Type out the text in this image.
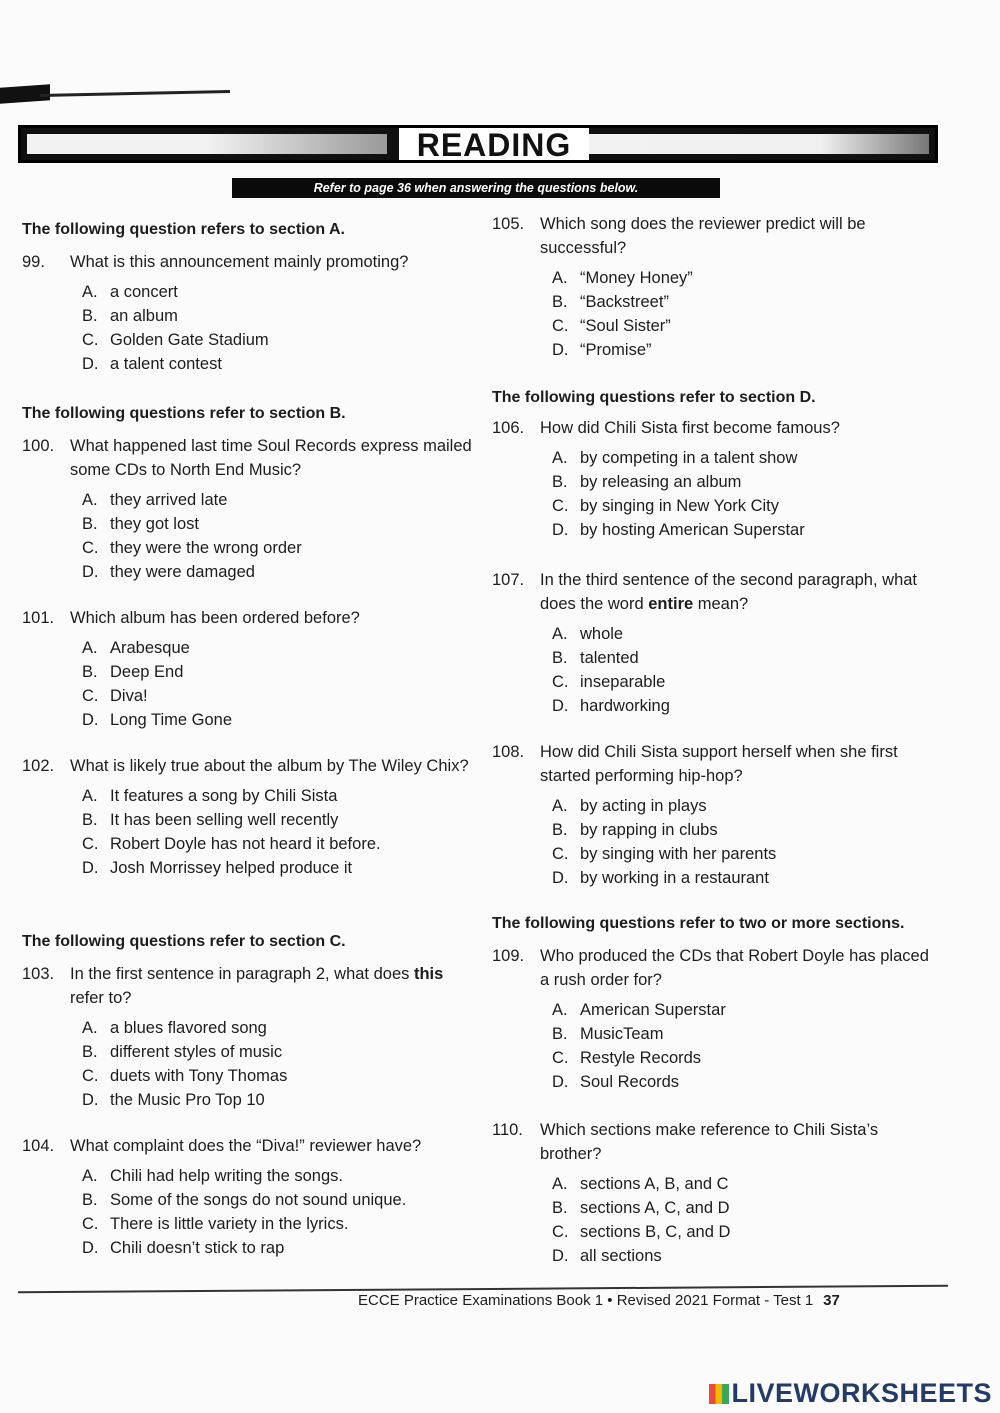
READING
Refer to page 36 when answering the questions below.

The following question refers to section A.

99. What is this announcement mainly promoting?
A. a concert
B. an album
C. Golden Gate Stadium
D. a talent contest

The following questions refer to section B.

100. What happened last time Soul Records express mailed some CDs to North End Music?
A. they arrived late
B. they got lost
C. they were the wrong order
D. they were damaged
101. Which album has been ordered before?
A. Arabesque
B. Deep End
C. Diva!
D. Long Time Gone
102. What is likely true about the album by The Wiley Chix?
A. It features a song by Chili Sista
B. It has been selling well recently
C. Robert Doyle has not heard it before.
D. Josh Morrissey helped produce it

The following questions refer to section C.

103. In the first sentence in paragraph 2, what does this refer to?
A. a blues flavored song
B. different styles of music
C. duets with Tony Thomas
D. the Music Pro Top 10
104. What complaint does the “Diva!” reviewer have?
A. Chili had help writing the songs.
B. Some of the songs do not sound unique.
C. There is little variety in the lyrics.
D. Chili doesn’t stick to rap
105. Which song does the reviewer predict will be successful?
A. “Money Honey”
B. “Backstreet”
C. “Soul Sister”
D. “Promise”

The following questions refer to section D.

106. How did Chili Sista first become famous?
A. by competing in a talent show
B. by releasing an album
C. by singing in New York City
D. by hosting American Superstar
107. In the third sentence of the second paragraph, what does the word entire mean?
A. whole
B. talented
C. inseparable
D. hardworking
108. How did Chili Sista support herself when she first started performing hip-hop?
A. by acting in plays
B. by rapping in clubs
C. by singing with her parents
D. by working in a restaurant

The following questions refer to two or more sections.

109. Who produced the CDs that Robert Doyle has placed a rush order for?
A. American Superstar
B. MusicTeam
C. Restyle Records
D. Soul Records
110. Which sections make reference to Chili Sista’s brother?
A. sections A, B, and C
B. sections A, C, and D
C. sections B, C, and D
D. all sections
ECCE Practice Examinations Book 1 • Revised 2021 Format - Test 1 37
LIVEWORKSHEETS
